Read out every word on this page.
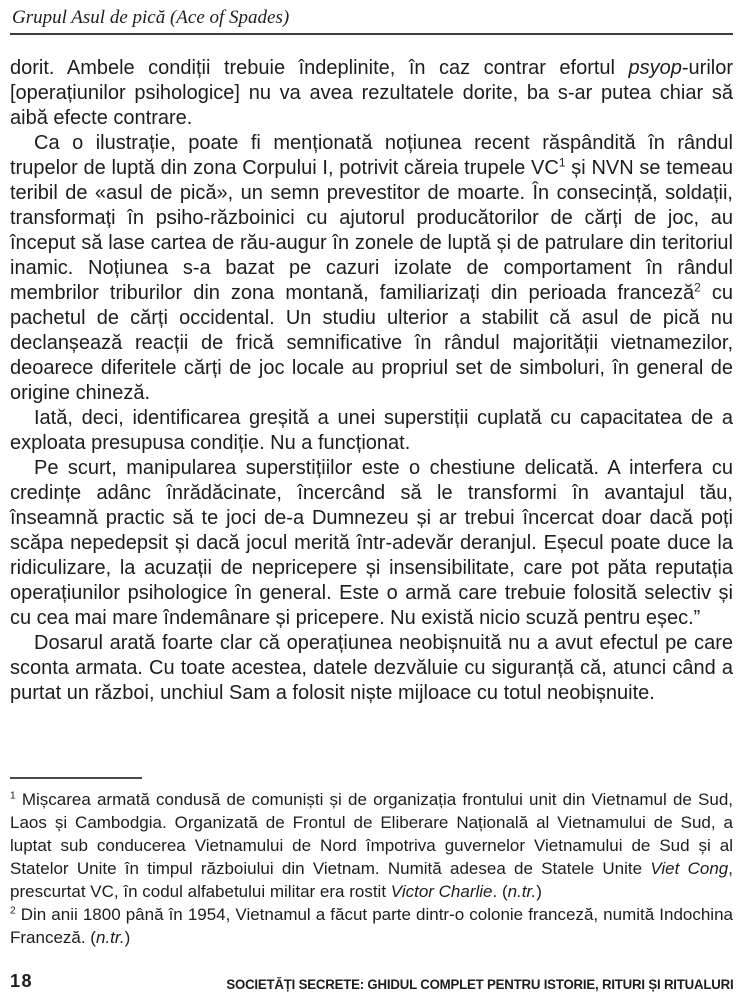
Grupul Asul de pică (Ace of Spades)

dorit. Ambele condiții trebuie îndeplinite, în caz contrar efortul psyop-urilor [operațiunilor psihologice] nu va avea rezultatele dorite, ba s-ar putea chiar să aibă efecte contrare.

Ca o ilustrație, poate fi menționată noțiunea recent răspândită în rândul trupelor de luptă din zona Corpului I, potrivit căreia trupele $VC^1$ și NVN se temeau teribil de «asul de pică», un semn prevestitor de moarte. În consecință, soldații, transformați în psiho-războinici cu ajutorul producătorilor de cărți de joc, au început să lase cartea de rău-augur în zonele de luptă și de patrulare din teritoriul inamic. Noțiunea s-a bazat pe cazuri izolate de comportament în rândul membrilor triburilor din zona montană, familiarizați din perioada franceză$^2$ cu pachetul de cărți occidental. Un studiu ulterior a stabilit că asul de pică nu declanșează reacții de frică semnificative în rândul majorității vietnamezilor, deoarece diferitele cărți de joc locale au propriul set de simboluri, în general de origine chineză.

Iată, deci, identificarea greșită a unei superstiții cuplată cu capacitatea de a exploata presupusa condiție. Nu a funcționat.

Pe scurt, manipularea superstițiilor este o chestiune delicată. A interfera cu credințe adânc înrădăcinate, încercând să le transformi în avantajul tău, înseamnă practic să te joci de-a Dumnezeu și ar trebui încercat doar dacă poți scăpa nepedepsit și dacă jocul merită într-adevăr deranjul. Eșecul poate duce la ridiculizare, la acuzații de nepricepere și insensibilitate, care pot păta reputația operațiunilor psihologice în general. Este o armă care trebuie folosită selectiv și cu cea mai mare îndemânare și pricepere. Nu există nicio scuză pentru eșec.”

Dosarul arată foarte clar că operațiunea neobișnuită nu a avut efectul pe care sconta armata. Cu toate acestea, datele dezvăluie cu siguranță că, atunci când a purtat un război, unchiul Sam a folosit niște mijloace cu totul neobișnuite.

$^1$ Mișcarea armată condusă de comuniști și de organizația frontului unit din Vietnamul de Sud, Laos și Cambodgia. Organizată de Frontul de Eliberare Națională al Vietnamului de Sud, a luptat sub conducerea Vietnamului de Nord împotriva guvernelor Vietnamului de Sud și al Statelor Unite în timpul războiului din Vietnam. Numită adesea de Statele Unite Viet Cong, prescurtat VC, în codul alfabetului militar era rostit Victor Charlie. (n.tr.)

$^2$ Din anii 1800 până în 1954, Vietnamul a făcut parte dintr-o colonie franceză, numită Indochina Franceză. (n.tr.)

18	SOCIETĂȚI SECRETE: GHIDUL COMPLET PENTRU ISTORIE, RITURI ȘI RITUALURI
